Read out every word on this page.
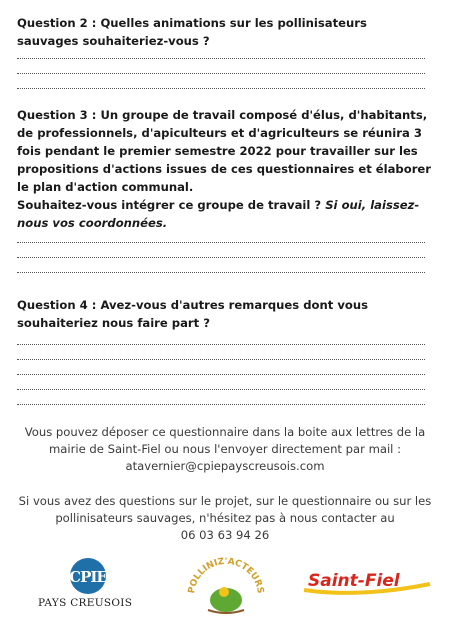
Question 2 : Quelles animations sur les pollinisateurs sauvages souhaiteriez-vous ?
Question 3 : Un groupe de travail composé d'élus, d'habitants, de professionnels, d'apiculteurs et d'agriculteurs se réunira 3 fois pendant le premier semestre 2022 pour travailler sur les propositions d'actions issues de ces questionnaires et élaborer le plan d'action communal.
Souhaitez-vous intégrer ce groupe de travail ? Si oui, laissez-nous vos coordonnées.
Question 4 : Avez-vous d'autres remarques dont vous souhaiteriez nous faire part ?
Vous pouvez déposer ce questionnaire dans la boite aux lettres de la mairie de Saint-Fiel ou nous l'envoyer directement par mail : atavernier@cpiepayscreusois.com
Si vous avez des questions sur le projet, sur le questionnaire ou sur les pollinisateurs sauvages, n'hésitez pas à nous contacter au
06 03 63 94 26
CPIE
PAYS CREUSOIS
POLLINIZ'ACTEURS	Saint-Fiel
